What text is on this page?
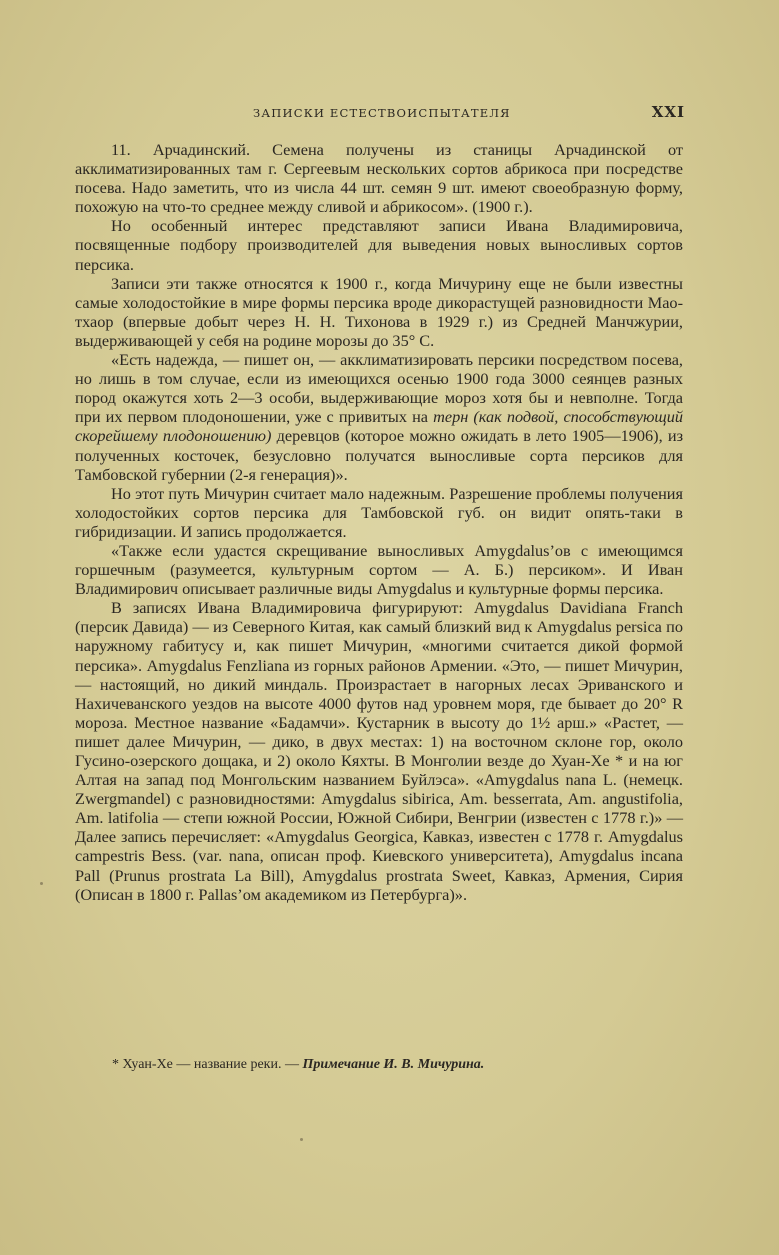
ЗАПИСКИ ЕСТЕСТВОИСПЫТАТЕЛЯ	XXI

11. Арчадинский. Семена получены из станицы Арчадинской от акклиматизированных там г. Сергеевым нескольких сортов абрикоса при посредстве посева. Надо заметить, что из числа 44 шт. семян 9 шт. имеют своеобразную форму, похожую на что-то среднее между сливой и абрикосом». (1900 г.).

Но особенный интерес представляют записи Ивана Владимировича, посвященные подбору производителей для выведения новых выносливых сортов персика.

Записи эти также относятся к 1900 г., когда Мичурину еще не были известны самые холодостойкие в мире формы персика вроде дикорастущей разновидности Мао-тхаор (впервые добыт через Н. Н. Тихонова в 1929 г.) из Средней Манчжурии, выдерживающей у себя на родине морозы до 35° С.

«Есть надежда, — пишет он, — акклиматизировать персики посредством посева, но лишь в том случае, если из имеющихся осенью 1900 года 3000 сеянцев разных пород окажутся хоть 2—3 особи, выдерживающие мороз хотя бы и невполне. Тогда при их первом плодоношении, уже с привитых на терн (как подвой, способствующий скорейшему плодоношению) деревцов (которое можно ожидать в лето 1905—1906), из полученных косточек, безусловно получатся выносливые сорта персиков для Тамбовской губернии (2-я генерация)».

Но этот путь Мичурин считает мало надежным. Разрешение проблемы получения холодостойких сортов персика для Тамбовской губ. он видит опять-таки в гибридизации. И запись продолжается.

«Также если удастся скрещивание выносливых Amygdalus’ов с имеющимся горшечным (разумеется, культурным сортом — А. Б.) персиком». И Иван Владимирович описывает различные виды Amygdalus и культурные формы персика.

В записях Ивана Владимировича фигурируют: Amygdalus Davidiana Franch (персик Давида) — из Северного Китая, как самый близкий вид к Amygdalus persica по наружному габитусу и, как пишет Мичурин, «многими считается дикой формой персика». Amygdalus Fenzliana из горных районов Армении. «Это, — пишет Мичурин, — настоящий, но дикий миндаль. Произрастает в нагорных лесах Эриванского и Нахичеванского уездов на высоте 4000 футов над уровнем моря, где бывает до 20° R мороза. Местное название «Бадамчи». Кустарник в высоту до 1½ арш.» «Растет, — пишет далее Мичурин, — дико, в двух местах: 1) на восточном склоне гор, около Гусино-озерского дощака, и 2) около Кяхты. В Монголии везде до Хуан-Хе * и на юг Алтая на запад под Монгольским названием Буйлэса». «Amygdalus nana L. (немецк. Zwergmandel) с разновидностями: Amygdalus sibirica, Am. besserrata, Am. angustifolia, Am. latifolia — степи южной России, Южной Сибири, Венгрии (известен с 1778 г.)» — Далее запись перечисляет: «Amygdalus Georgica, Кавказ, известен с 1778 г. Amygdalus campestris Bess. (var. nana, описан проф. Киевского университета), Amygdalus incana Pall (Prunus prostrata La Bill), Amygdalus prostrata Sweet, Кавказ, Армения, Сирия (Описан в 1800 г. Pallas’ом академиком из Петербурга)».

* Хуан-Хе — название реки. — Примечание И. В. Мичурина.
